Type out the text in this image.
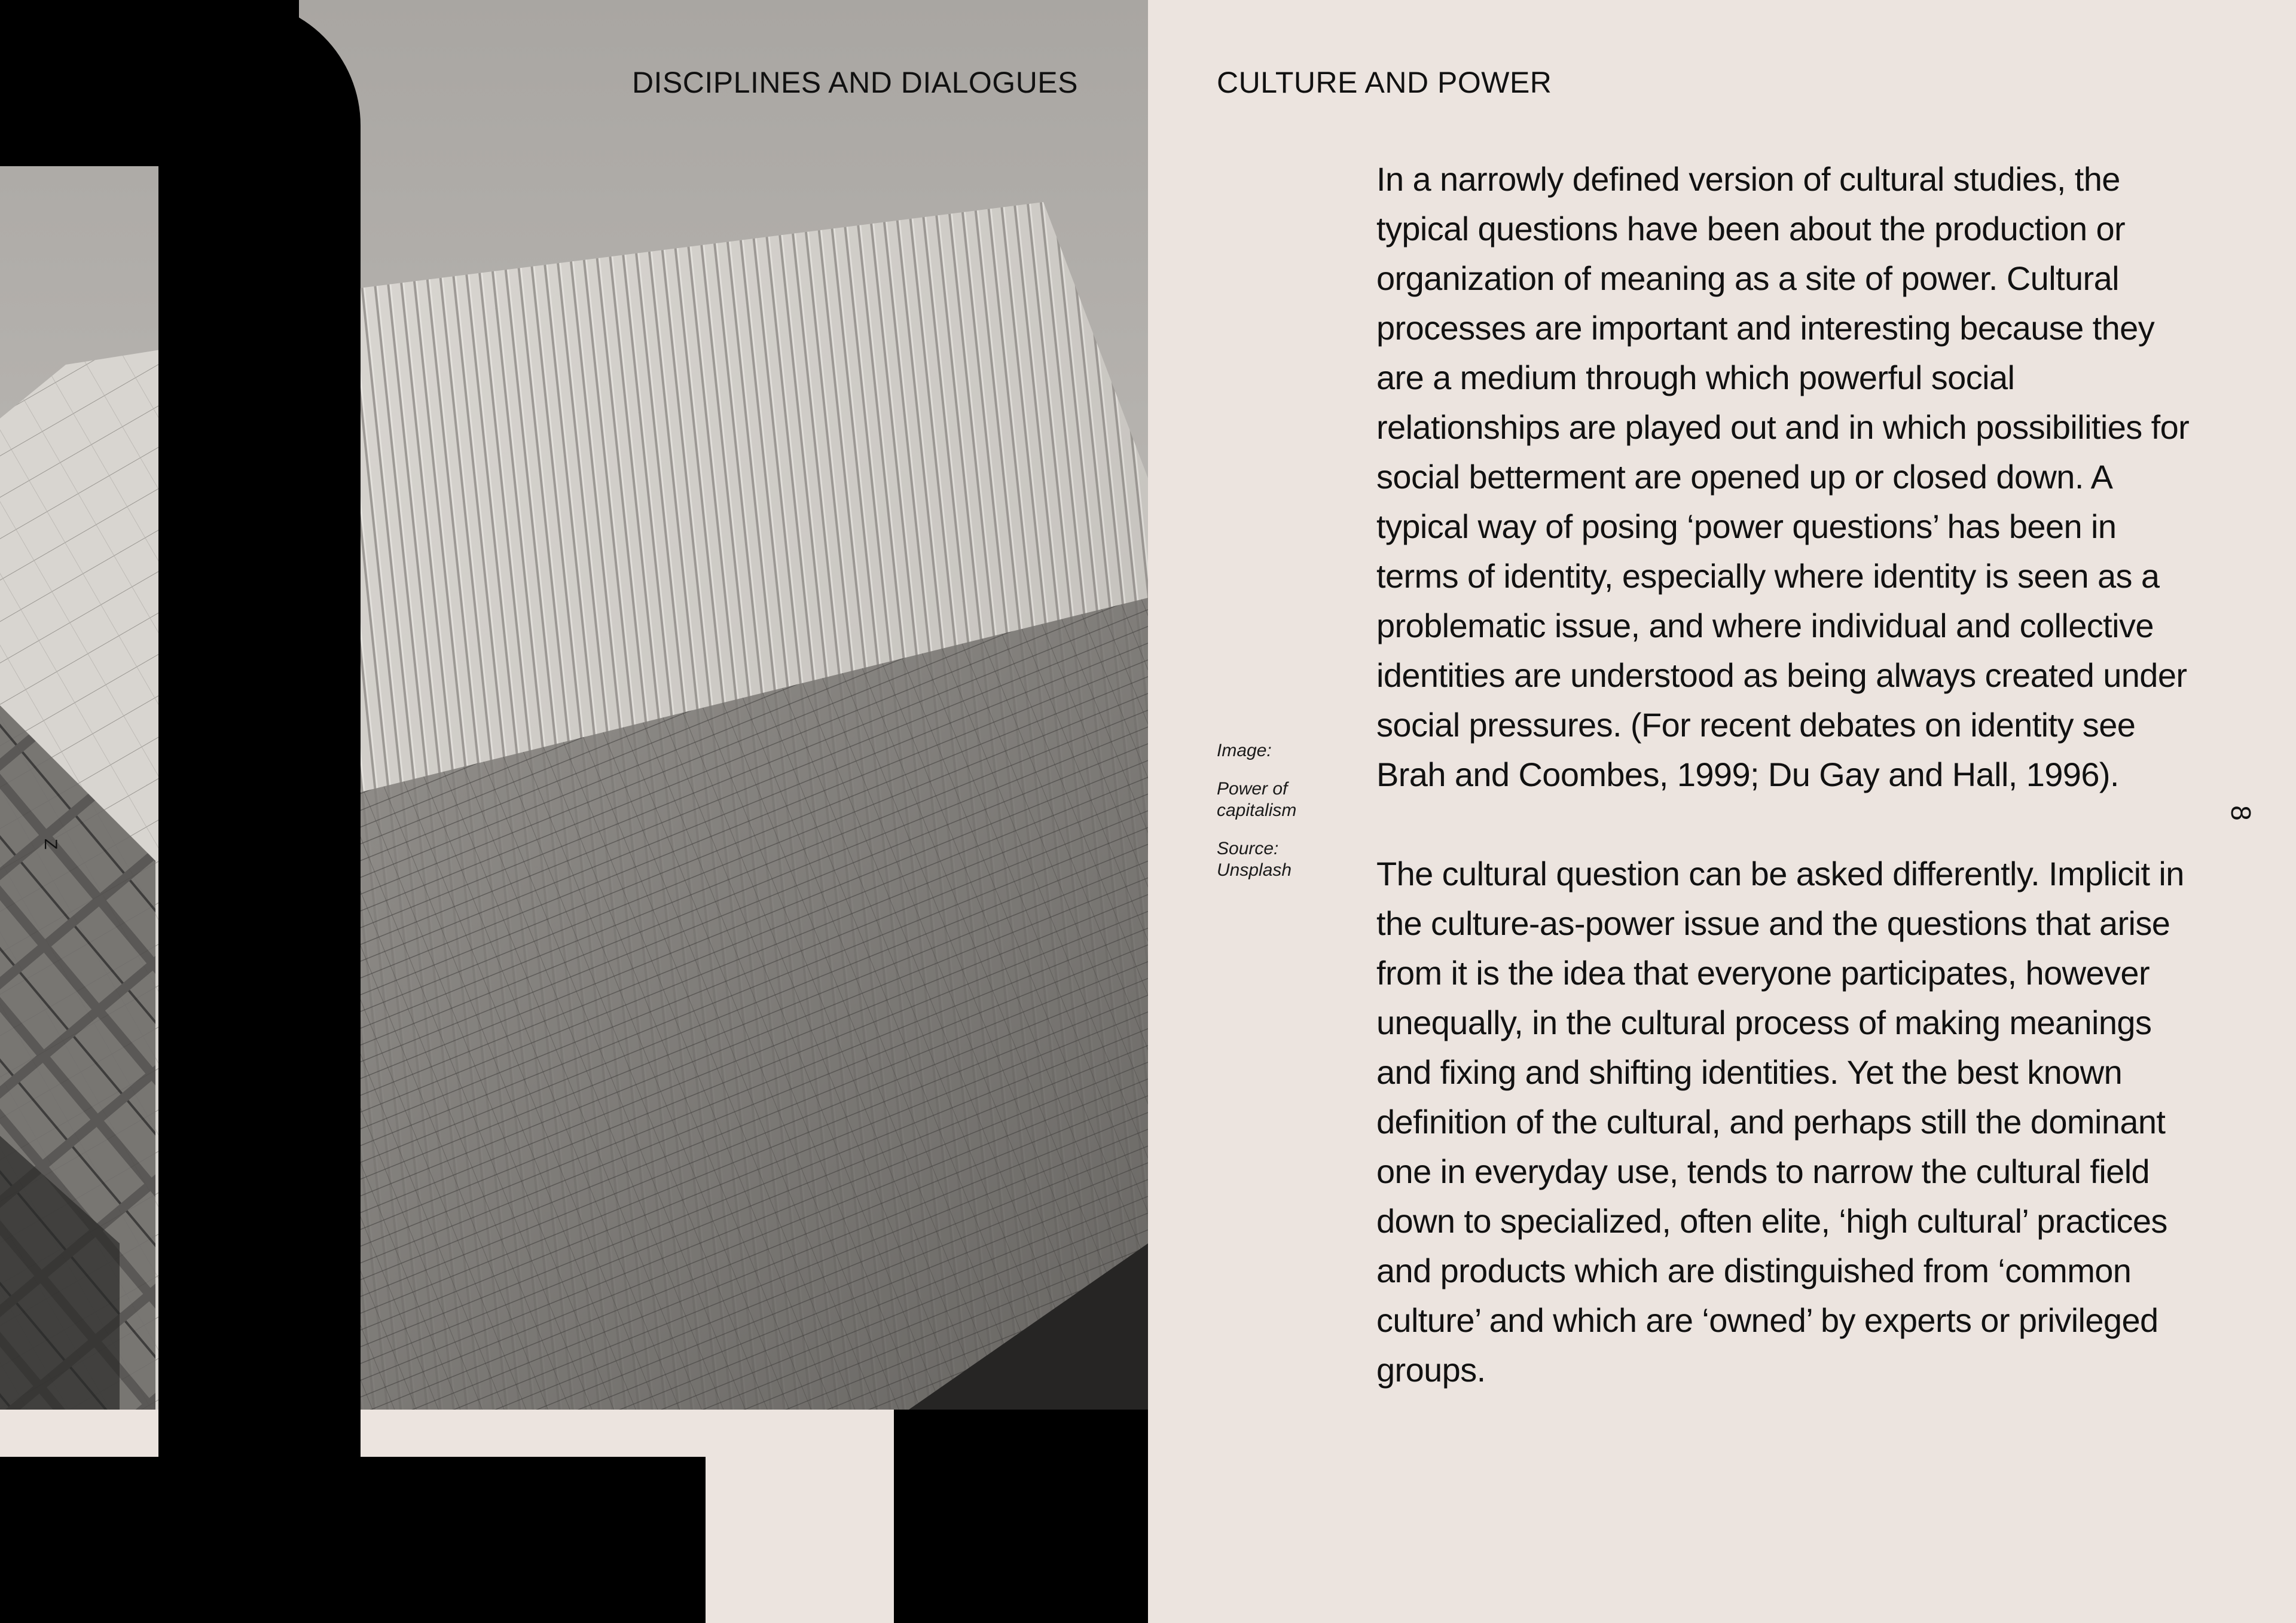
Z
DISCIPLINES AND DIALOGUES	CULTURE AND POWER
Image:
Power of capitalism
Source: Unsplash

In a narrowly defined version of cultural studies, the typical questions have been about the production or organization of meaning as a site of power. Cultural processes are important and interesting because they are a medium through which powerful social relationships are played out and in which possibilities for social betterment are opened up or closed down. A typical way of posing ‘power questions’ has been in terms of identity, especially where identity is seen as a problematic issue, and where individual and collective identities are understood as being always created under social pressures. (For recent debates on identity see Brah and Coombes, 1999; Du Gay and Hall, 1996).

The cultural question can be asked differently. Implicit in the culture-as-power issue and the questions that arise from it is the idea that everyone participates, however unequally, in the cultural process of making meanings and fixing and shifting identities. Yet the best known definition of the cultural, and perhaps still the dominant one in everyday use, tends to narrow the cultural field down to specialized, often elite, ‘high cultural’ practices and products which are distinguished from ‘common culture’ and which are ‘owned’ by experts or privileged groups.

8
